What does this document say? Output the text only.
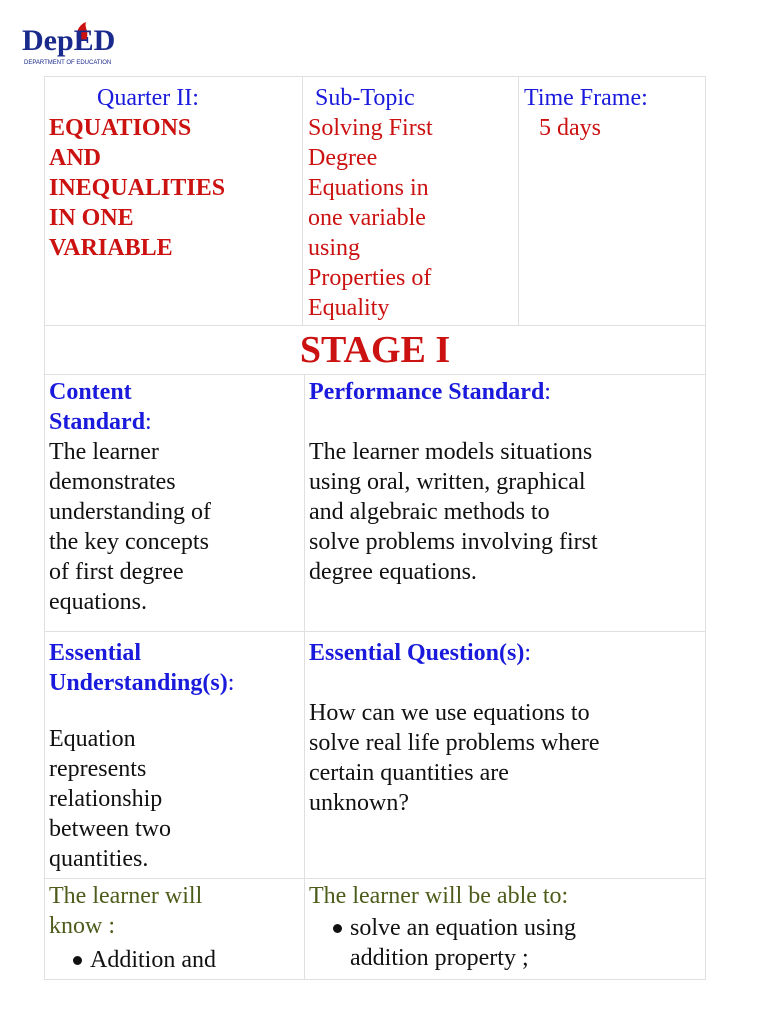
DepED
DEPARTMENT OF EDUCATION

Quarter II:

EQUATIONS
AND
INEQUALITIES
IN ONE
VARIABLE

Sub-Topic

Solving First
Degree
Equations in
one variable
using
Properties of
Equality

Time Frame:

5 days

STAGE I

Content
Standard:

The learner
demonstrates
understanding of
the key concepts
of first degree
equations.

Performance Standard:

The learner models situations
using oral, written, graphical
and algebraic methods to
solve problems involving first
degree equations.

Essential
Understanding(s):

Equation
represents
relationship
between two
quantities.

Essential Question(s):

How can we use equations to
solve real life problems where
certain quantities are
unknown?

The learner will
know :

Addition and

The learner will be able to:

solve an equation using
addition property ;
